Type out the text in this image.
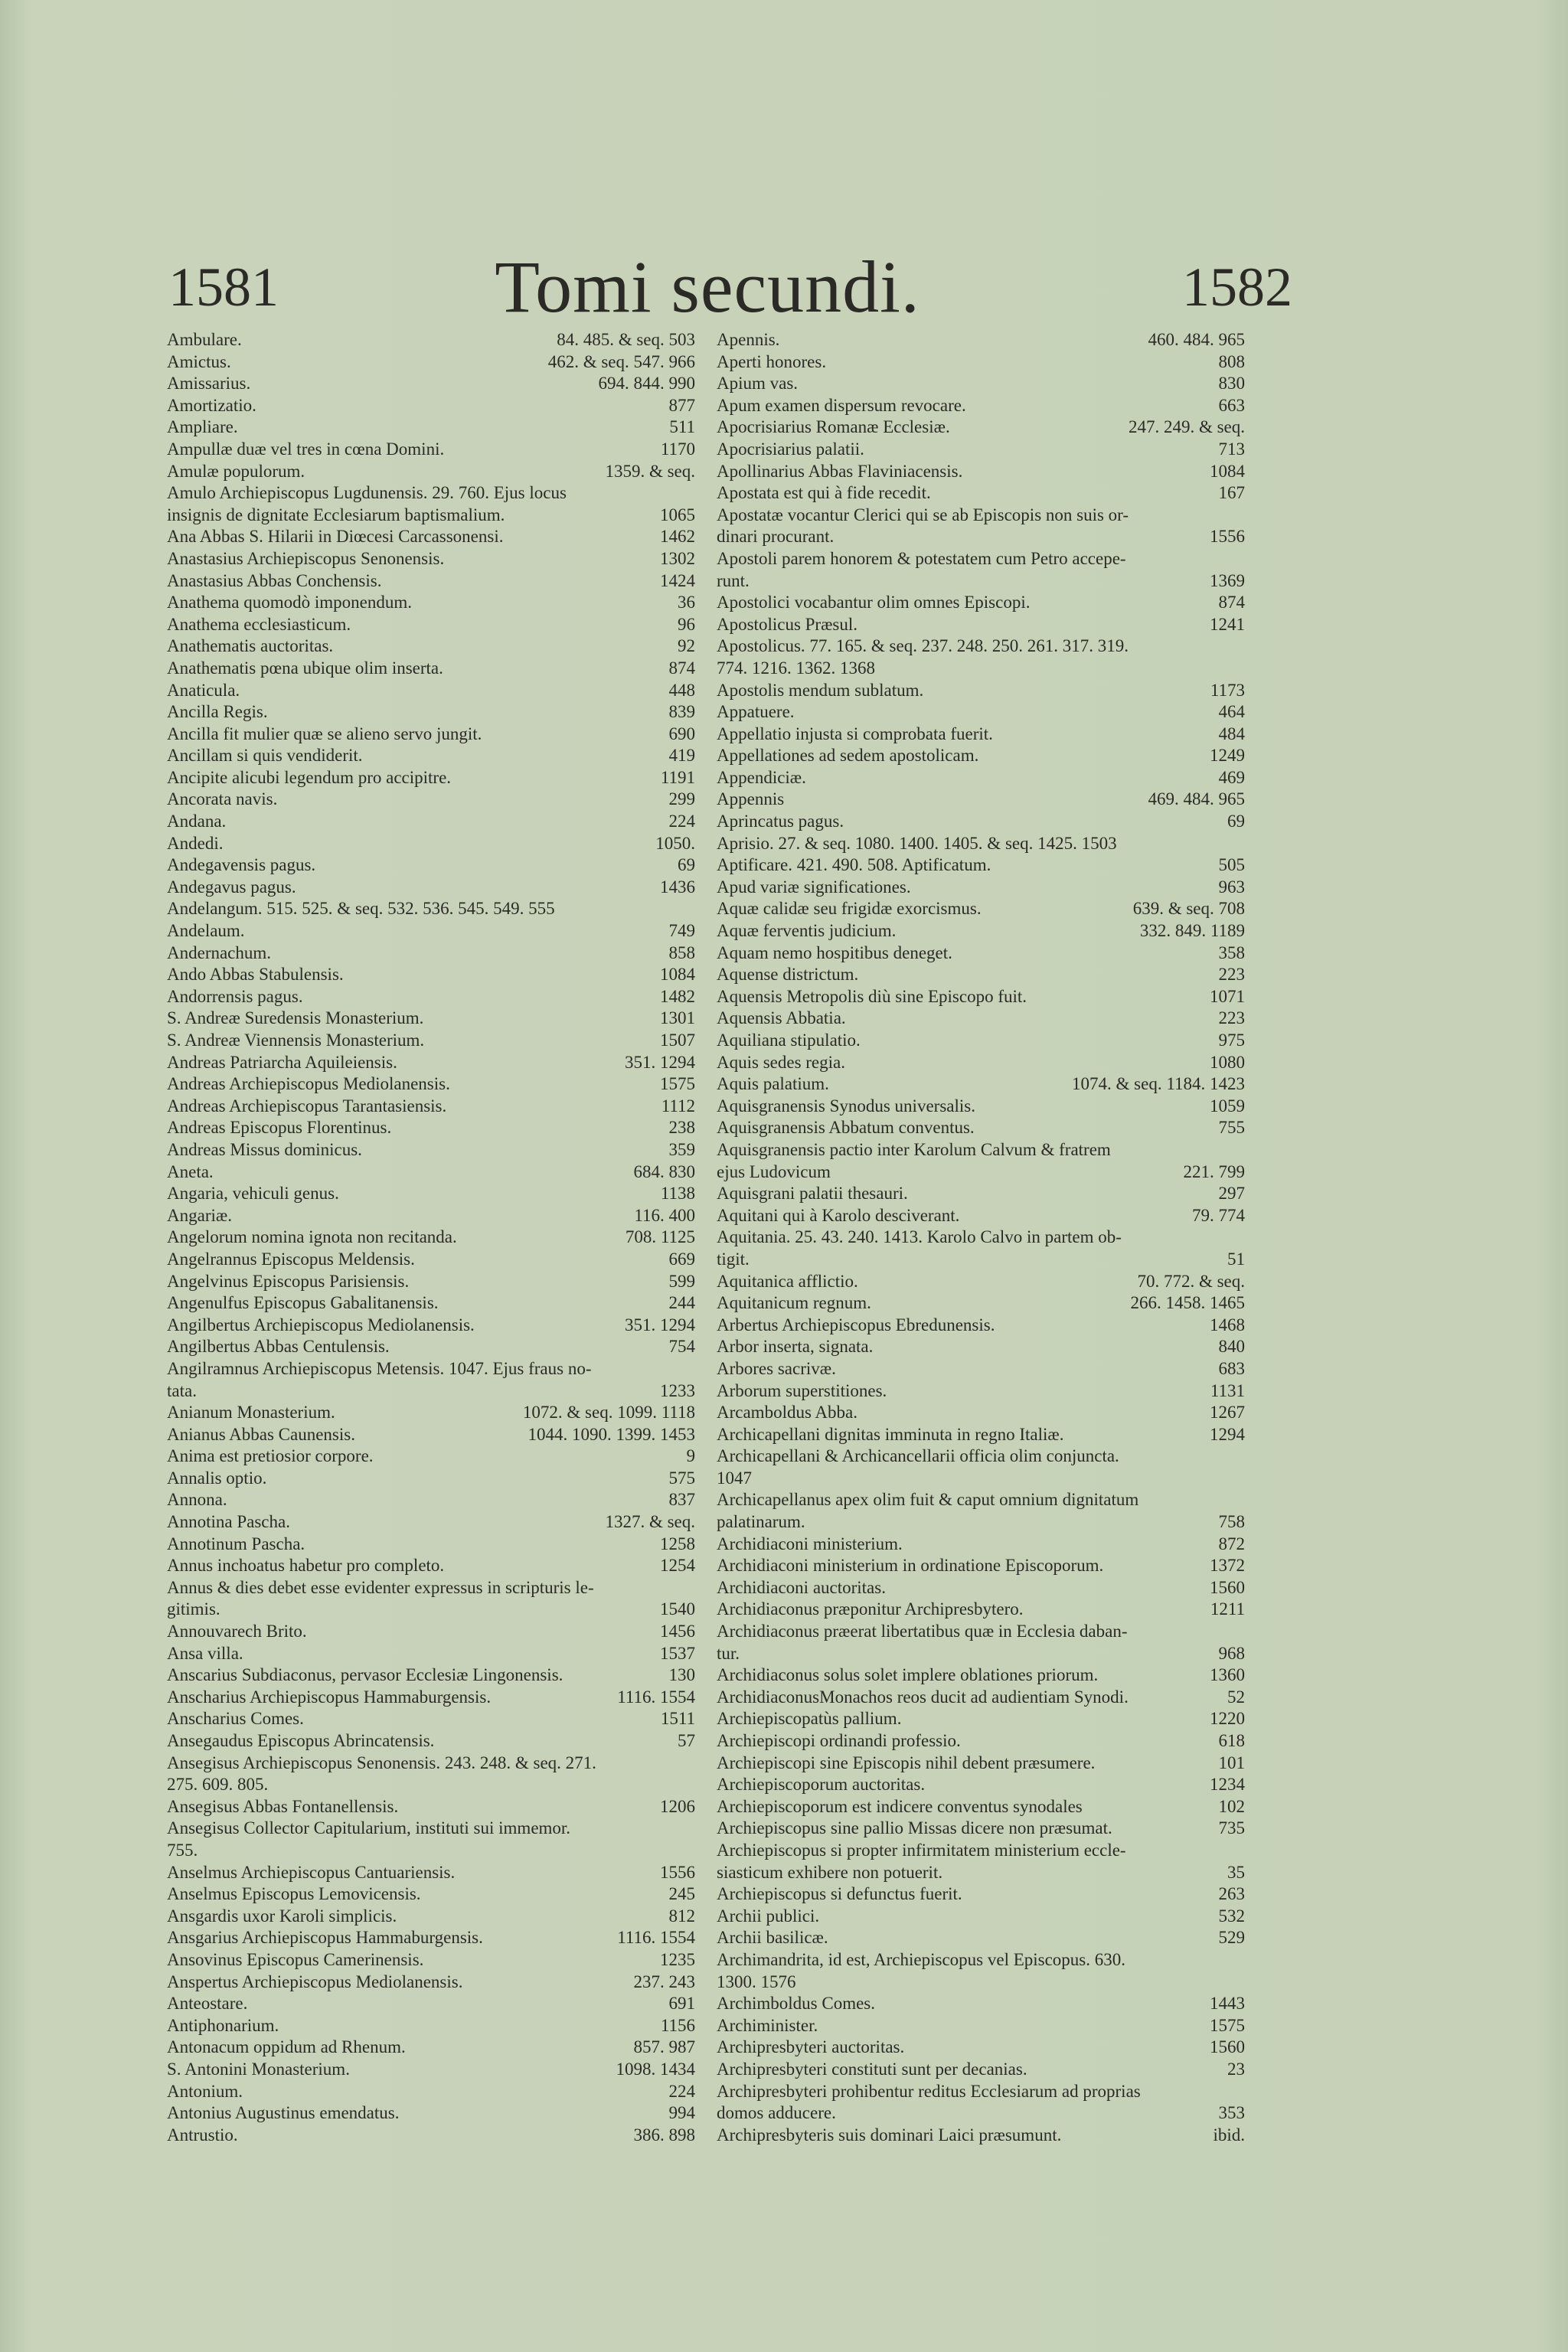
1581	Tomi secundi.	1582
Ambulare.	84. 485. & seq. 503
Amictus.	462. & seq. 547. 966
Amissarius.	694. 844. 990
Amortizatio.	877
Ampliare.	511
Ampullæ duæ vel tres in cœna Domini.	1170
Amulæ populorum.	1359. & seq.
Amulo Archiepiscopus Lugdunensis. 29. 760. Ejus locus
insignis de dignitate Ecclesiarum baptismalium.	1065
Ana Abbas S. Hilarii in Diœcesi Carcassonensi.	1462
Anastasius Archiepiscopus Senonensis.	1302
Anastasius Abbas Conchensis.	1424
Anathema quomodò imponendum.	36
Anathema ecclesiasticum.	96
Anathematis auctoritas.	92
Anathematis pœna ubique olim inserta.	874
Anaticula.	448
Ancilla Regis.	839
Ancilla fit mulier quæ se alieno servo jungit.	690
Ancillam si quis vendiderit.	419
Ancipite alicubi legendum pro accipitre.	1191
Ancorata navis.	299
Andana.	224
Andedi.	1050.
Andegavensis pagus.	69
Andegavus pagus.	1436
Andelangum. 515. 525. & seq. 532. 536. 545. 549. 555
Andelaum.	749
Andernachum.	858
Ando Abbas Stabulensis.	1084
Andorrensis pagus.	1482
S. Andreæ Suredensis Monasterium.	1301
S. Andreæ Viennensis Monasterium.	1507
Andreas Patriarcha Aquileiensis.	351. 1294
Andreas Archiepiscopus Mediolanensis.	1575
Andreas Archiepiscopus Tarantasiensis.	1112
Andreas Episcopus Florentinus.	238
Andreas Missus dominicus.	359
Aneta.	684. 830
Angaria, vehiculi genus.	1138
Angariæ.	116. 400
Angelorum nomina ignota non recitanda.	708. 1125
Angelrannus Episcopus Meldensis.	669
Angelvinus Episcopus Parisiensis.	599
Angenulfus Episcopus Gabalitanensis.	244
Angilbertus Archiepiscopus Mediolanensis.	351. 1294
Angilbertus Abbas Centulensis.	754
Angilramnus Archiepiscopus Metensis. 1047. Ejus fraus no-
tata.	1233
Anianum Monasterium.	1072. & seq. 1099. 1118
Anianus Abbas Caunensis.	1044. 1090. 1399. 1453
Anima est pretiosior corpore.	9
Annalis optio.	575
Annona.	837
Annotina Pascha.	1327. & seq.
Annotinum Pascha.	1258
Annus inchoatus habetur pro completo.	1254
Annus & dies debet esse evidenter expressus in scripturis le-
gitimis.	1540
Annouvarech Brito.	1456
Ansa villa.	1537
Anscarius Subdiaconus, pervasor Ecclesiæ Lingonensis.	130
Anscharius Archiepiscopus Hammaburgensis.	1116. 1554
Anscharius Comes.	1511
Ansegaudus Episcopus Abrincatensis.	57
Ansegisus Archiepiscopus Senonensis. 243. 248. & seq. 271.
275. 609. 805.
Ansegisus Abbas Fontanellensis.	1206
Ansegisus Collector Capitularium, instituti sui immemor.
755.
Anselmus Archiepiscopus Cantuariensis.	1556
Anselmus Episcopus Lemovicensis.	245
Ansgardis uxor Karoli simplicis.	812
Ansgarius Archiepiscopus Hammaburgensis.	1116. 1554
Ansovinus Episcopus Camerinensis.	1235
Anspertus Archiepiscopus Mediolanensis.	237. 243
Anteostare.	691
Antiphonarium.	1156
Antonacum oppidum ad Rhenum.	857. 987
S. Antonini Monasterium.	1098. 1434
Antonium.	224
Antonius Augustinus emendatus.	994
Antrustio.	386. 898
Apennis.	460. 484. 965
Aperti honores.	808
Apium vas.	830
Apum examen dispersum revocare.	663
Apocrisiarius Romanæ Ecclesiæ.	247. 249. & seq.
Apocrisiarius palatii.	713
Apollinarius Abbas Flaviniacensis.	1084
Apostata est qui à fide recedit.	167
Apostatæ vocantur Clerici qui se ab Episcopis non suis or-
dinari procurant.	1556
Apostoli parem honorem & potestatem cum Petro accepe-
runt.	1369
Apostolici vocabantur olim omnes Episcopi.	874
Apostolicus Præsul.	1241
Apostolicus. 77. 165. & seq. 237. 248. 250. 261. 317. 319.
774. 1216. 1362. 1368
Apostolis mendum sublatum.	1173
Appatuere.	464
Appellatio injusta si comprobata fuerit.	484
Appellationes ad sedem apostolicam.	1249
Appendiciæ.	469
Appennis	469. 484. 965
Aprincatus pagus.	69
Aprisio. 27. & seq. 1080. 1400. 1405. & seq. 1425. 1503
Aptificare. 421. 490. 508. Aptificatum.	505
Apud variæ significationes.	963
Aquæ calidæ seu frigidæ exorcismus.	639. & seq. 708
Aquæ ferventis judicium.	332. 849. 1189
Aquam nemo hospitibus deneget.	358
Aquense districtum.	223
Aquensis Metropolis diù sine Episcopo fuit.	1071
Aquensis Abbatia.	223
Aquiliana stipulatio.	975
Aquis sedes regia.	1080
Aquis palatium.	1074. & seq. 1184. 1423
Aquisgranensis Synodus universalis.	1059
Aquisgranensis Abbatum conventus.	755
Aquisgranensis pactio inter Karolum Calvum & fratrem
ejus Ludovicum	221. 799
Aquisgrani palatii thesauri.	297
Aquitani qui à Karolo desciverant.	79. 774
Aquitania. 25. 43. 240. 1413. Karolo Calvo in partem ob-
tigit.	51
Aquitanica afflictio.	70. 772. & seq.
Aquitanicum regnum.	266. 1458. 1465
Arbertus Archiepiscopus Ebredunensis.	1468
Arbor inserta, signata.	840
Arbores sacrivæ.	683
Arborum superstitiones.	1131
Arcamboldus Abba.	1267
Archicapellani dignitas imminuta in regno Italiæ.	1294
Archicapellani & Archicancellarii officia olim conjuncta.
1047
Archicapellanus apex olim fuit & caput omnium dignitatum
palatinarum.	758
Archidiaconi ministerium.	872
Archidiaconi ministerium in ordinatione Episcoporum.	1372
Archidiaconi auctoritas.	1560
Archidiaconus præponitur Archipresbytero.	1211
Archidiaconus præerat libertatibus quæ in Ecclesia daban-
tur.	968
Archidiaconus solus solet implere oblationes priorum.	1360
ArchidiaconusMonachos reos ducit ad audientiam Synodi.	52
Archiepiscopatùs pallium.	1220
Archiepiscopi ordinandi professio.	618
Archiepiscopi sine Episcopis nihil debent præsumere.	101
Archiepiscoporum auctoritas.	1234
Archiepiscoporum est indicere conventus synodales	102
Archiepiscopus sine pallio Missas dicere non præsumat.	735
Archiepiscopus si propter infirmitatem ministerium eccle-
siasticum exhibere non potuerit.	35
Archiepiscopus si defunctus fuerit.	263
Archii publici.	532
Archii basilicæ.	529
Archimandrita, id est, Archiepiscopus vel Episcopus. 630.
1300. 1576
Archimboldus Comes.	1443
Archiminister.	1575
Archipresbyteri auctoritas.	1560
Archipresbyteri constituti sunt per decanias.	23
Archipresbyteri prohibentur reditus Ecclesiarum ad proprias
domos adducere.	353
Archipresbyteris suis dominari Laici præsumunt.	ibid.
